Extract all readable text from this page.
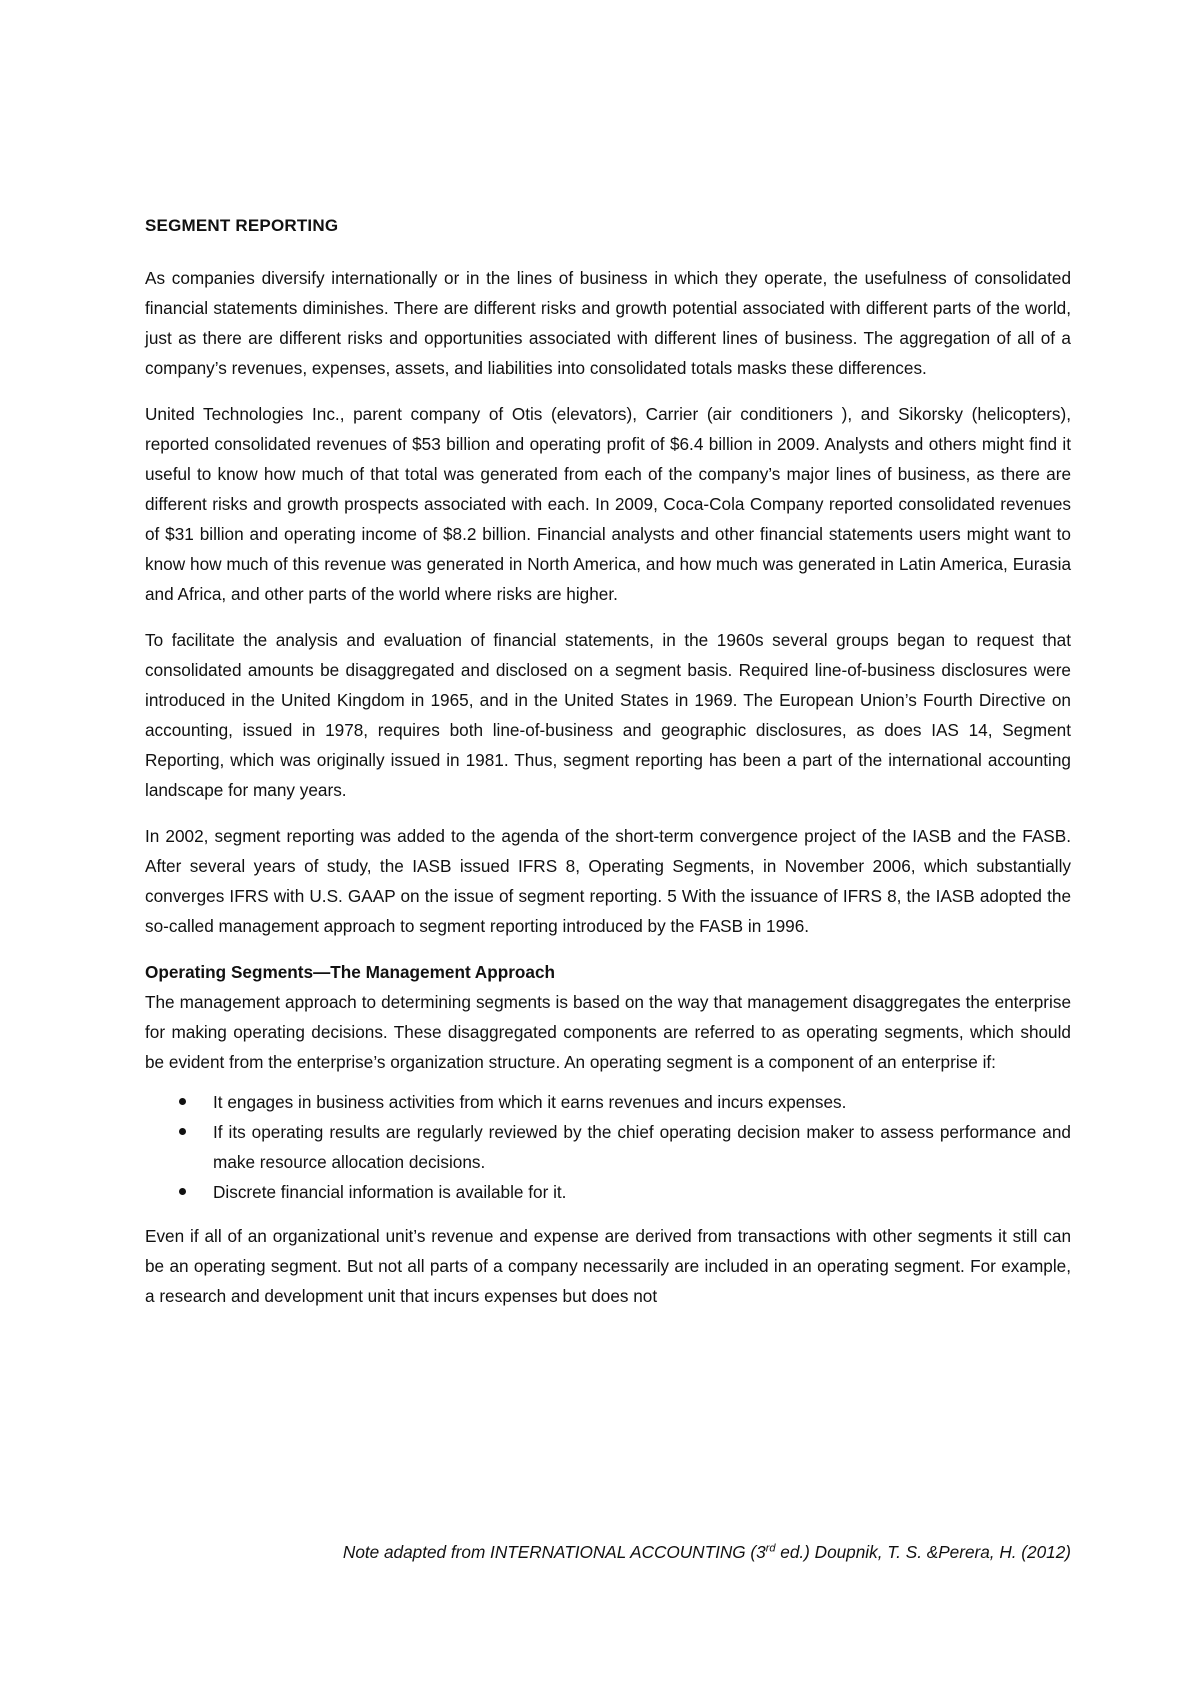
SEGMENT REPORTING

As companies diversify internationally or in the lines of business in which they operate, the usefulness of consolidated financial statements diminishes. There are different risks and growth potential associated with different parts of the world, just as there are different risks and opportunities associated with different lines of business. The aggregation of all of a company’s revenues, expenses, assets, and liabilities into consolidated totals masks these differences.

United Technologies Inc., parent company of Otis (elevators), Carrier (air conditioners ), and Sikorsky (helicopters), reported consolidated revenues of $53 billion and operating profit of $6.4 billion in 2009. Analysts and others might find it useful to know how much of that total was generated from each of the company’s major lines of business, as there are different risks and growth prospects associated with each. In 2009, Coca-Cola Company reported consolidated revenues of $31 billion and operating income of $8.2 billion. Financial analysts and other financial statements users might want to know how much of this revenue was generated in North America, and how much was generated in Latin America, Eurasia and Africa, and other parts of the world where risks are higher.

To facilitate the analysis and evaluation of financial statements, in the 1960s several groups began to request that consolidated amounts be disaggregated and disclosed on a segment basis. Required line-of-business disclosures were introduced in the United Kingdom in 1965, and in the United States in 1969. The European Union’s Fourth Directive on accounting, issued in 1978, requires both line-of-business and geographic disclosures, as does IAS 14, Segment Reporting, which was originally issued in 1981. Thus, segment reporting has been a part of the international accounting landscape for many years.

In 2002, segment reporting was added to the agenda of the short-term convergence project of the IASB and the FASB. After several years of study, the IASB issued IFRS 8, Operating Segments, in November 2006, which substantially converges IFRS with U.S. GAAP on the issue of segment reporting. 5 With the issuance of IFRS 8, the IASB adopted the so-called management approach to segment reporting introduced by the FASB in 1996.

Operating Segments—The Management Approach

The management approach to determining segments is based on the way that management disaggregates the enterprise for making operating decisions. These disaggregated components are referred to as operating segments, which should be evident from the enterprise’s organization structure. An operating segment is a component of an enterprise if:

It engages in business activities from which it earns revenues and incurs expenses.
If its operating results are regularly reviewed by the chief operating decision maker to assess performance and make resource allocation decisions.
Discrete financial information is available for it.

Even if all of an organizational unit’s revenue and expense are derived from transactions with other segments it still can be an operating segment. But not all parts of a company necessarily are included in an operating segment. For example, a research and development unit that incurs expenses but does not

Note adapted from INTERNATIONAL ACCOUNTING (3rd ed.) Doupnik, T. S. &Perera, H. (2012)
